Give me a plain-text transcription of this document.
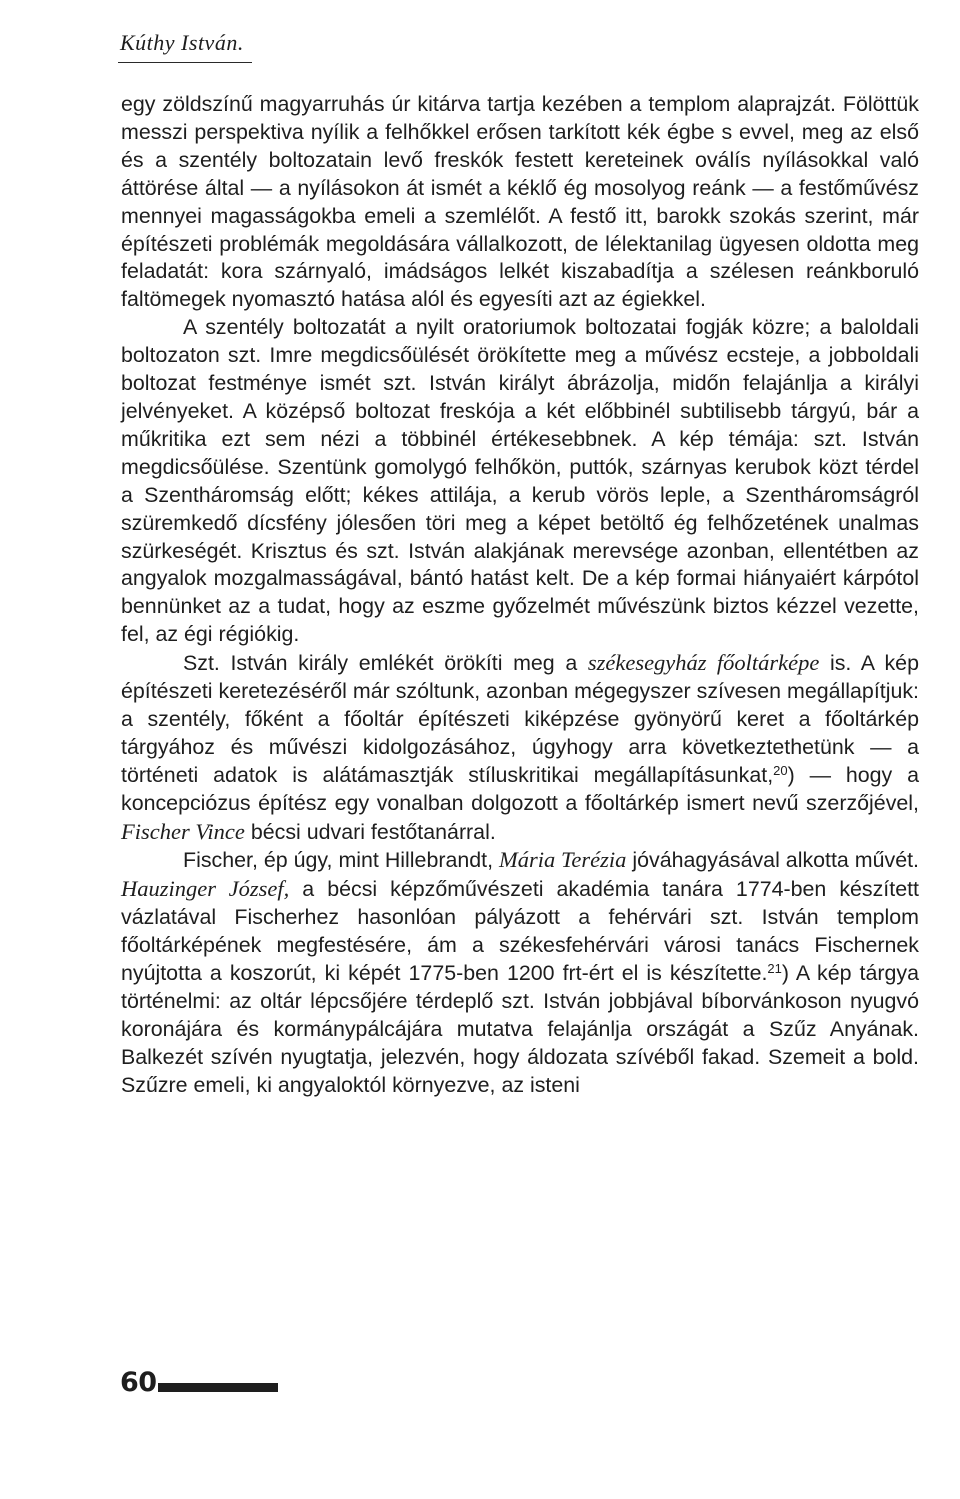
Kúthy István.

egy zöldszínű magyarruhás úr kitárva tartja kezében a templom alaprajzát. Fölöttük messzi perspektiva nyílik a felhőkkel erősen tarkított kék égbe s evvel, meg az első és a szentély boltozatain levő freskók festett kereteinek oválís nyílásokkal való áttörése által — a nyílásokon át ismét a kéklő ég mosolyog reánk — a festőművész mennyei magasságokba emeli a szemlélőt. A festő itt, barokk szokás szerint, már építészeti problémák megoldására vállalkozott, de lélektanilag ügyesen oldotta meg feladatát: kora szárnyaló, imádságos lelkét kiszabadítja a szélesen reánkboruló faltömegek nyomasztó hatása alól és egyesíti azt az égiekkel.

A szentély boltozatát a nyilt oratoriumok boltozatai fogják közre; a baloldali boltozaton szt. Imre megdicsőülését örökítette meg a művész ecsteje, a jobboldali boltozat festménye ismét szt. István királyt ábrázolja, midőn felajánlja a királyi jelvényeket. A középső boltozat freskója a két előbbinél subtilisebb tárgyú, bár a műkritika ezt sem nézi a többinél értékesebbnek. A kép témája: szt. István megdicsőülése. Szentünk gomolygó felhőkön, puttók, szárnyas kerubok közt térdel a Szentháromság előtt; kékes attilája, a kerub vörös leple, a Szentháromságról szüremkedő dícsfény jólesően töri meg a képet betöltő ég felhőzetének unalmas szürkeségét. Krisztus és szt. István alakjának merevsége azonban, ellentétben az angyalok mozgalmasságával, bántó hatást kelt. De a kép formai hiányaiért kárpótol bennünket az a tudat, hogy az eszme győzelmét művészünk biztos kézzel vezette, fel, az égi régiókig.

Szt. István király emlékét örökíti meg a székesegyház főoltárképe is. A kép építészeti keretezéséről már szóltunk, azonban mégegyszer szívesen megállapítjuk: a szentély, főként a főoltár építészeti kiképzése gyönyörű keret a főoltárkép tárgyához és művészi kidolgozásához, úgyhogy arra következtethetünk — a történeti adatok is alátámasztják stíluskritikai megállapításunkat,$^{20}$) — hogy a koncepciózus építész egy vonalban dolgozott a főoltárkép ismert nevű szerzőjével, Fischer Vince bécsi udvari festőtanárral.

Fischer, ép úgy, mint Hillebrandt, Mária Terézia jóváhagyásával alkotta művét. Hauzinger József, a bécsi képzőművészeti akadémia tanára 1774-ben készített vázlatával Fischerhez hasonlóan pályázott a fehérvári szt. István templom főoltárképének megfestésére, ám a székesfehérvári városi tanács Fischernek nyújtotta a koszorút, ki képét 1775-ben 1200 frt-ért el is készítette.$^{21}$) A kép tárgya történelmi: az oltár lépcsőjére térdeplő szt. István jobbjával bíborvánkoson nyugvó koronájára és kormánypálcájára mutatva felajánlja országát a Szűz Anyának. Balkezét szívén nyugtatja, jelezvén, hogy áldozata szívéből fakad. Szemeit a bold. Szűzre emeli, ki angyaloktól környezve, az isteni

60
